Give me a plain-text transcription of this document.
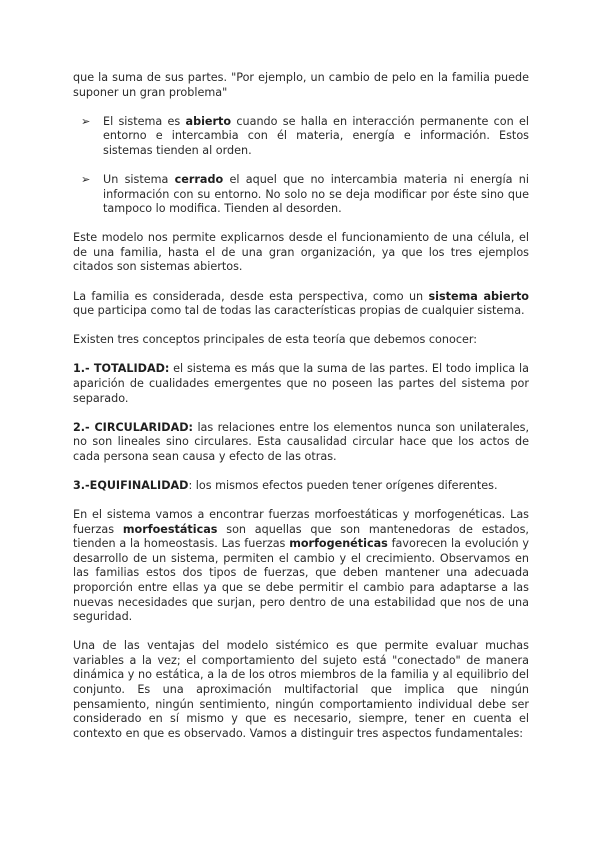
que la suma de sus partes. "Por ejemplo, un cambio de pelo en la familia puede suponer un gran problema"

➢ El sistema es abierto cuando se halla en interacción permanente con el entorno e intercambia con él materia, energía e información. Estos sistemas tienden al orden.
➢ Un sistema cerrado el aquel que no intercambia materia ni energía ni información con su entorno. No solo no se deja modificar por éste sino que tampoco lo modifica. Tienden al desorden.

Este modelo nos permite explicarnos desde el funcionamiento de una célula, el de una familia, hasta el de una gran organización, ya que los tres ejemplos citados son sistemas abiertos.

La familia es considerada, desde esta perspectiva, como un sistema abierto que participa como tal de todas las características propias de cualquier sistema.

Existen tres conceptos principales de esta teoría que debemos conocer:

1.- TOTALIDAD: el sistema es más que la suma de las partes. El todo implica la aparición de cualidades emergentes que no poseen las partes del sistema por separado.

2.- CIRCULARIDAD: las relaciones entre los elementos nunca son unilaterales, no son lineales sino circulares. Esta causalidad circular hace que los actos de cada persona sean causa y efecto de las otras.

3.-EQUIFINALIDAD: los mismos efectos pueden tener orígenes diferentes.

En el sistema vamos a encontrar fuerzas morfoestáticas y morfogenéticas. Las fuerzas morfoestáticas son aquellas que son mantenedoras de estados, tienden a la homeostasis. Las fuerzas morfogenéticas favorecen la evolución y desarrollo de un sistema, permiten el cambio y el crecimiento. Observamos en las familias estos dos tipos de fuerzas, que deben mantener una adecuada proporción entre ellas ya que se debe permitir el cambio para adaptarse a las nuevas necesidades que surjan, pero dentro de una estabilidad que nos de una seguridad.

Una de las ventajas del modelo sistémico es que permite evaluar muchas variables a la vez; el comportamiento del sujeto está "conectado" de manera dinámica y no estática, a la de los otros miembros de la familia y al equilibrio del conjunto. Es una aproximación multifactorial que implica que ningún pensamiento, ningún sentimiento, ningún comportamiento individual debe ser considerado en sí mismo y que es necesario, siempre, tener en cuenta el contexto en que es observado. Vamos a distinguir tres aspectos fundamentales:
